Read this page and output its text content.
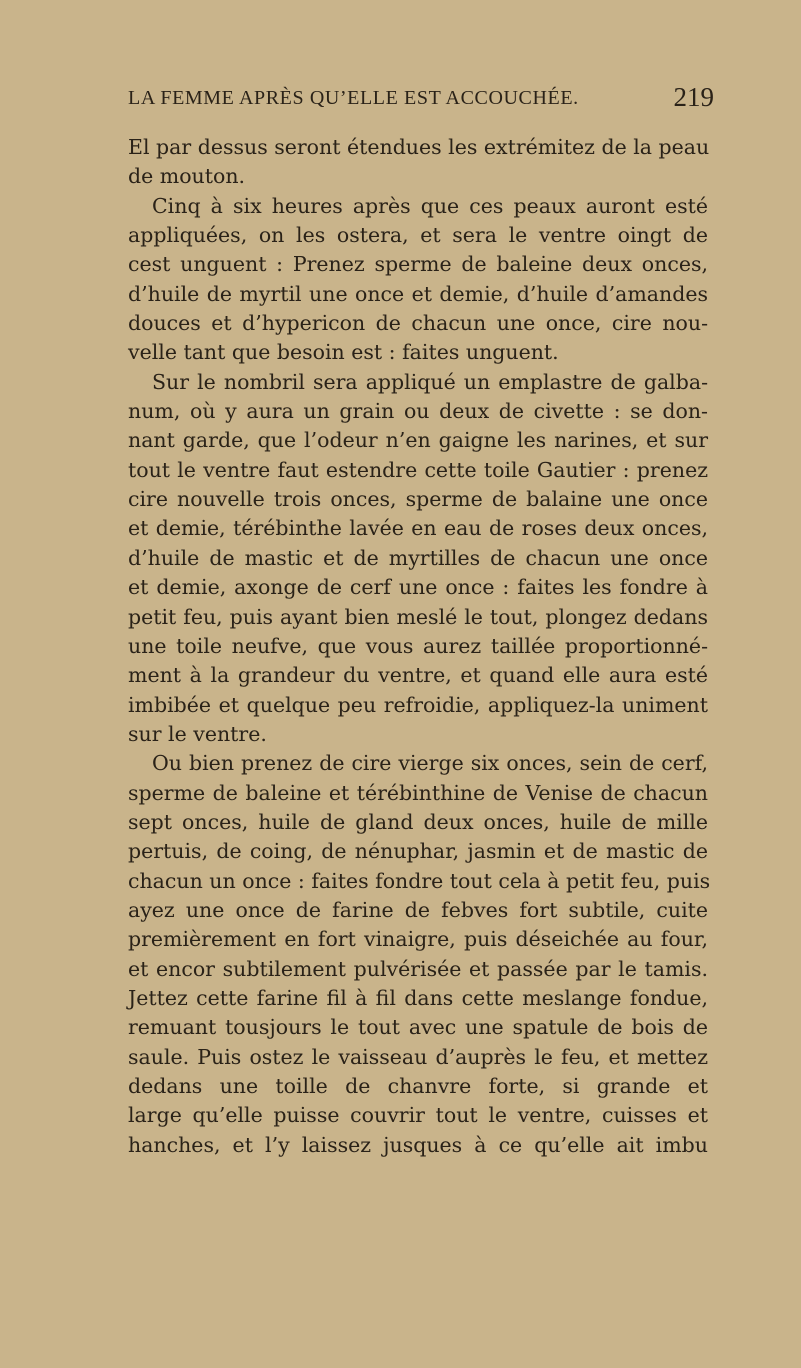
LA FEMME APRÈS QU’ELLE EST ACCOUCHÉE.	219
El par dessus seront étendues les extrémitez de la peau
de mouton.
Cinq à six heures après que ces peaux auront esté
appliquées, on les ostera, et sera le ventre oingt de
cest unguent : Prenez sperme de baleine deux onces,
d’huile de myrtil une once et demie, d’huile d’amandes
douces et d’hypericon de chacun une once, cire nou-
velle tant que besoin est : faites unguent.
Sur le nombril sera appliqué un emplastre de galba-
num, où y aura un grain ou deux de civette : se don-
nant garde, que l’odeur n’en gaigne les narines, et sur
tout le ventre faut estendre cette toile Gautier : prenez
cire nouvelle trois onces, sperme de balaine une once
et demie, térébinthe lavée en eau de roses deux onces,
d’huile de mastic et de myrtilles de chacun une once
et demie, axonge de cerf une once : faites les fondre à
petit feu, puis ayant bien meslé le tout, plongez dedans
une toile neufve, que vous aurez taillée proportionné-
ment à la grandeur du ventre, et quand elle aura esté
imbibée et quelque peu refroidie, appliquez-la uniment
sur le ventre.
Ou bien prenez de cire vierge six onces, sein de cerf,
sperme de baleine et térébinthine de Venise de chacun
sept onces, huile de gland deux onces, huile de mille
pertuis, de coing, de nénuphar, jasmin et de mastic de
chacun un once : faites fondre tout cela à petit feu, puis
ayez une once de farine de febves fort subtile, cuite
premièrement en fort vinaigre, puis déseichée au four,
et encor subtilement pulvérisée et passée par le tamis.
Jettez cette farine fil à fil dans cette meslange fondue,
remuant tousjours le tout avec une spatule de bois de
saule. Puis ostez le vaisseau d’auprès le feu, et mettez
dedans une toille de chanvre forte, si grande et
large qu’elle puisse couvrir tout le ventre, cuisses et
hanches, et l’y laissez jusques à ce qu’elle ait imbu
